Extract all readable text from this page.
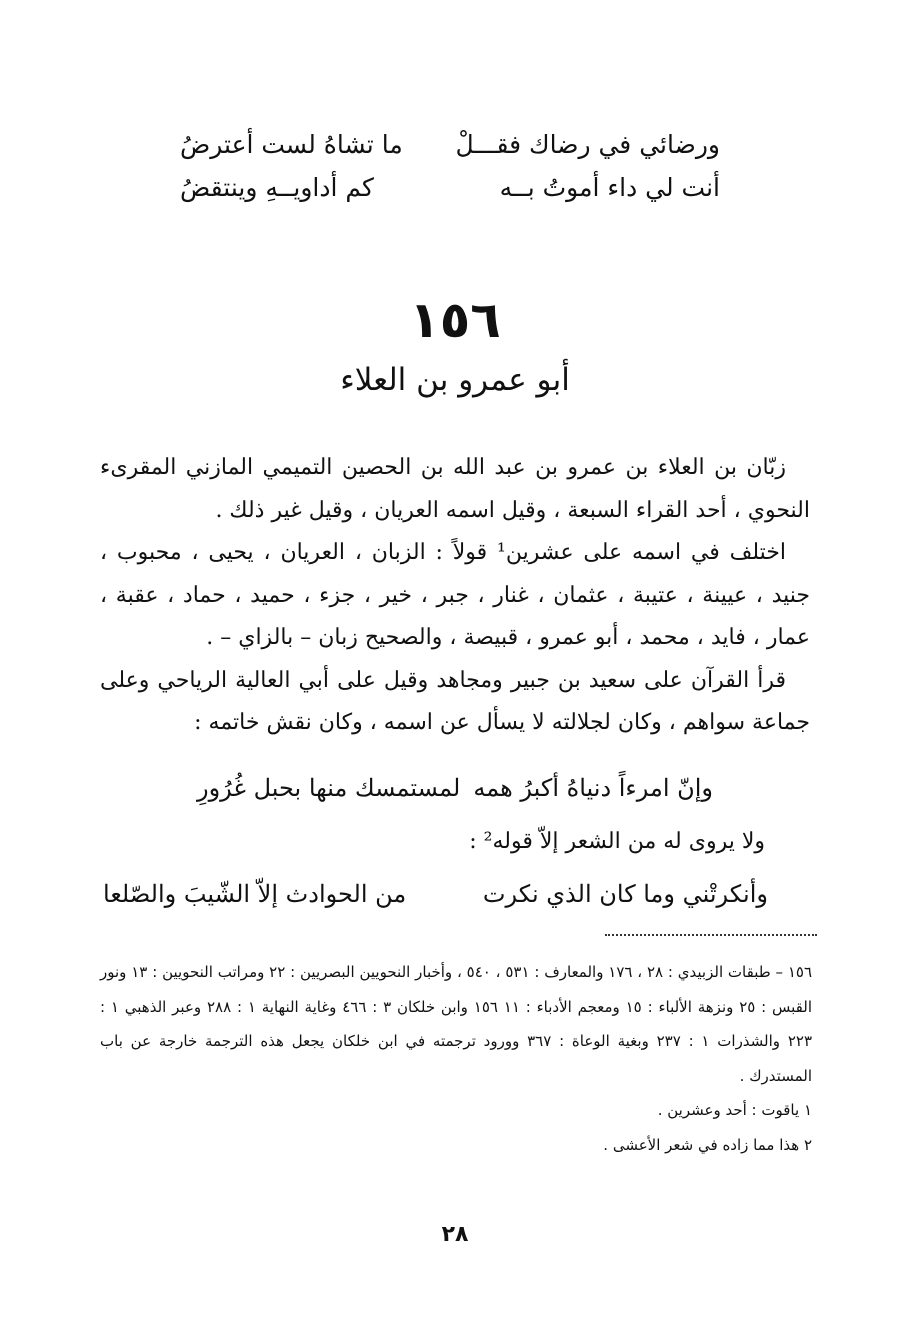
ورضائي في رضاك فقـــلْ
ما تشاهُ لست أعترضُ
أنت لي داء أموتُ بــه
كم أداويــهِ وينتقضُ
١٥٦
أبو عمرو بن العلاء

زبّان بن العلاء بن عمرو بن عبد الله بن الحصين التميمي المازني المقرىء النحوي ، أحد القراء السبعة ، وقيل اسمه العريان ، وقيل غير ذلك .

اختلف في اسمه على عشرين¹ قولاً : الزبان ، العريان ، يحيى ، محبوب ، جنيد ، عيينة ، عتيبة ، عثمان ، غنار ، جبر ، خير ، جزء ، حميد ، حماد ، عقبة ، عمار ، فايد ، محمد ، أبو عمرو ، قبيصة ، والصحيح زبان – بالزاي – .

قرأ القرآن على سعيد بن جبير ومجاهد وقيل على أبي العالية الرياحي وعلى جماعة سواهم ، وكان لجلالته لا يسأل عن اسمه ، وكان نقش خاتمه :

وإنّ امرءاً دنياهُ أكبرُ همه
لمستمسك منها بحبل غُرُورِ
ولا يروى له من الشعر إلاّ قوله² :
وأنكرتْني وما كان الذي نكرت
من الحوادث إلاّ الشّيبَ والصّلعا
١٥٦ – طبقات الزبيدي : ٢٨ ، ١٧٦ والمعارف : ٥٣١ ، ٥٤٠ ، وأخبار النحويين البصريين : ٢٢ ومراتب النحويين : ١٣ ونور القبس : ٢٥ ونزهة الألباء : ١٥ ومعجم الأدباء : ١١ ١٥٦ وابن خلكان ٣ : ٤٦٦ وغاية النهاية ١ : ٢٨٨ وعبر الذهبي ١ : ٢٢٣ والشذرات ١ : ٢٣٧ وبغية الوعاة : ٣٦٧ وورود ترجمته في ابن خلكان يجعل هذه الترجمة خارجة عن باب المستدرك .
١ ياقوت : أحد وعشرين .
٢ هذا مما زاده في شعر الأعشى .
٢٨
